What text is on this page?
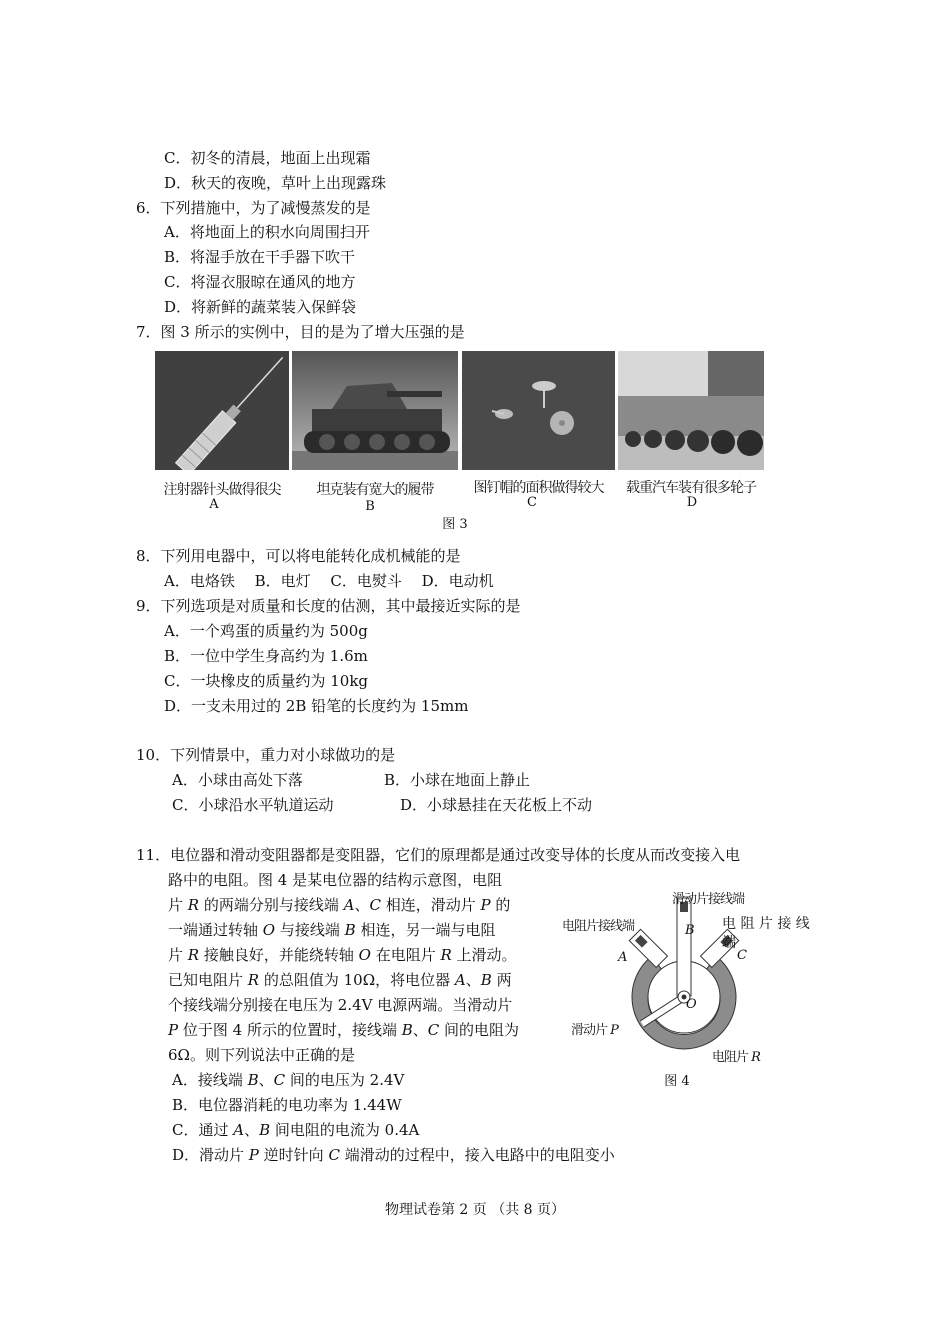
C．初冬的清晨，地面上出现霜
D．秋天的夜晚，草叶上出现露珠
6．下列措施中，为了减慢蒸发的是
A．将地面上的积水向周围扫开
B．将湿手放在干手器下吹干
C．将湿衣服晾在通风的地方
D．将新鲜的蔬菜装入保鲜袋
7．图 3 所示的实例中，目的是为了增大压强的是
注射器针头做得很尖	坦克装有宽大的履带	图钉帽的面积做得较大	载重汽车装有很多轮子
A	B	C	D
图 3
8．下列用电器中，可以将电能转化成机械能的是
A．电烙铁　 B．电灯　 C．电熨斗　 D．电动机
9．下列选项是对质量和长度的估测，其中最接近实际的是
A．一个鸡蛋的质量约为 500g
B．一位中学生身高约为 1.6m
C．一块橡皮的质量约为 10kg
D．一支未用过的 2B 铅笔的长度约为 15mm
10．下列情景中，重力对小球做功的是
A．小球由高处下落	B．小球在地面上静止
C．小球沿水平轨道运动	D．小球悬挂在天花板上不动
11．电位器和滑动变阻器都是变阻器，它们的原理都是通过改变导体的长度从而改变接入电
路中的电阻。图 4 是某电位器的结构示意图，电阻
片 R 的两端分别与接线端 A、C 相连，滑动片 P 的
一端通过转轴 O 与接线端 B 相连，另一端与电阻
片 R 接触良好，并能绕转轴 O 在电阻片 R 上滑动。
已知电阻片 R 的总阻值为 10Ω，将电位器 A、B 两
个接线端分别接在电压为 2.4V 电源两端。当滑动片
P 位于图 4 所示的位置时，接线端 B、C 间的电阻为
6Ω。则下列说法中正确的是
A．接线端 B、C 间的电压为 2.4V
B．电位器消耗的电功率为 1.44W
C．通过 A、B 间电阻的电流为 0.4A
D．滑动片 P 逆时针向 C 端滑动的过程中，接入电路中的电阻变小
滑动片接线端
电阻片接线端	电 阻 片 接 线
端
B
A	C
O
滑动片 P
电阻片 R
图 4
物理试卷第 2 页 （共 8 页）
